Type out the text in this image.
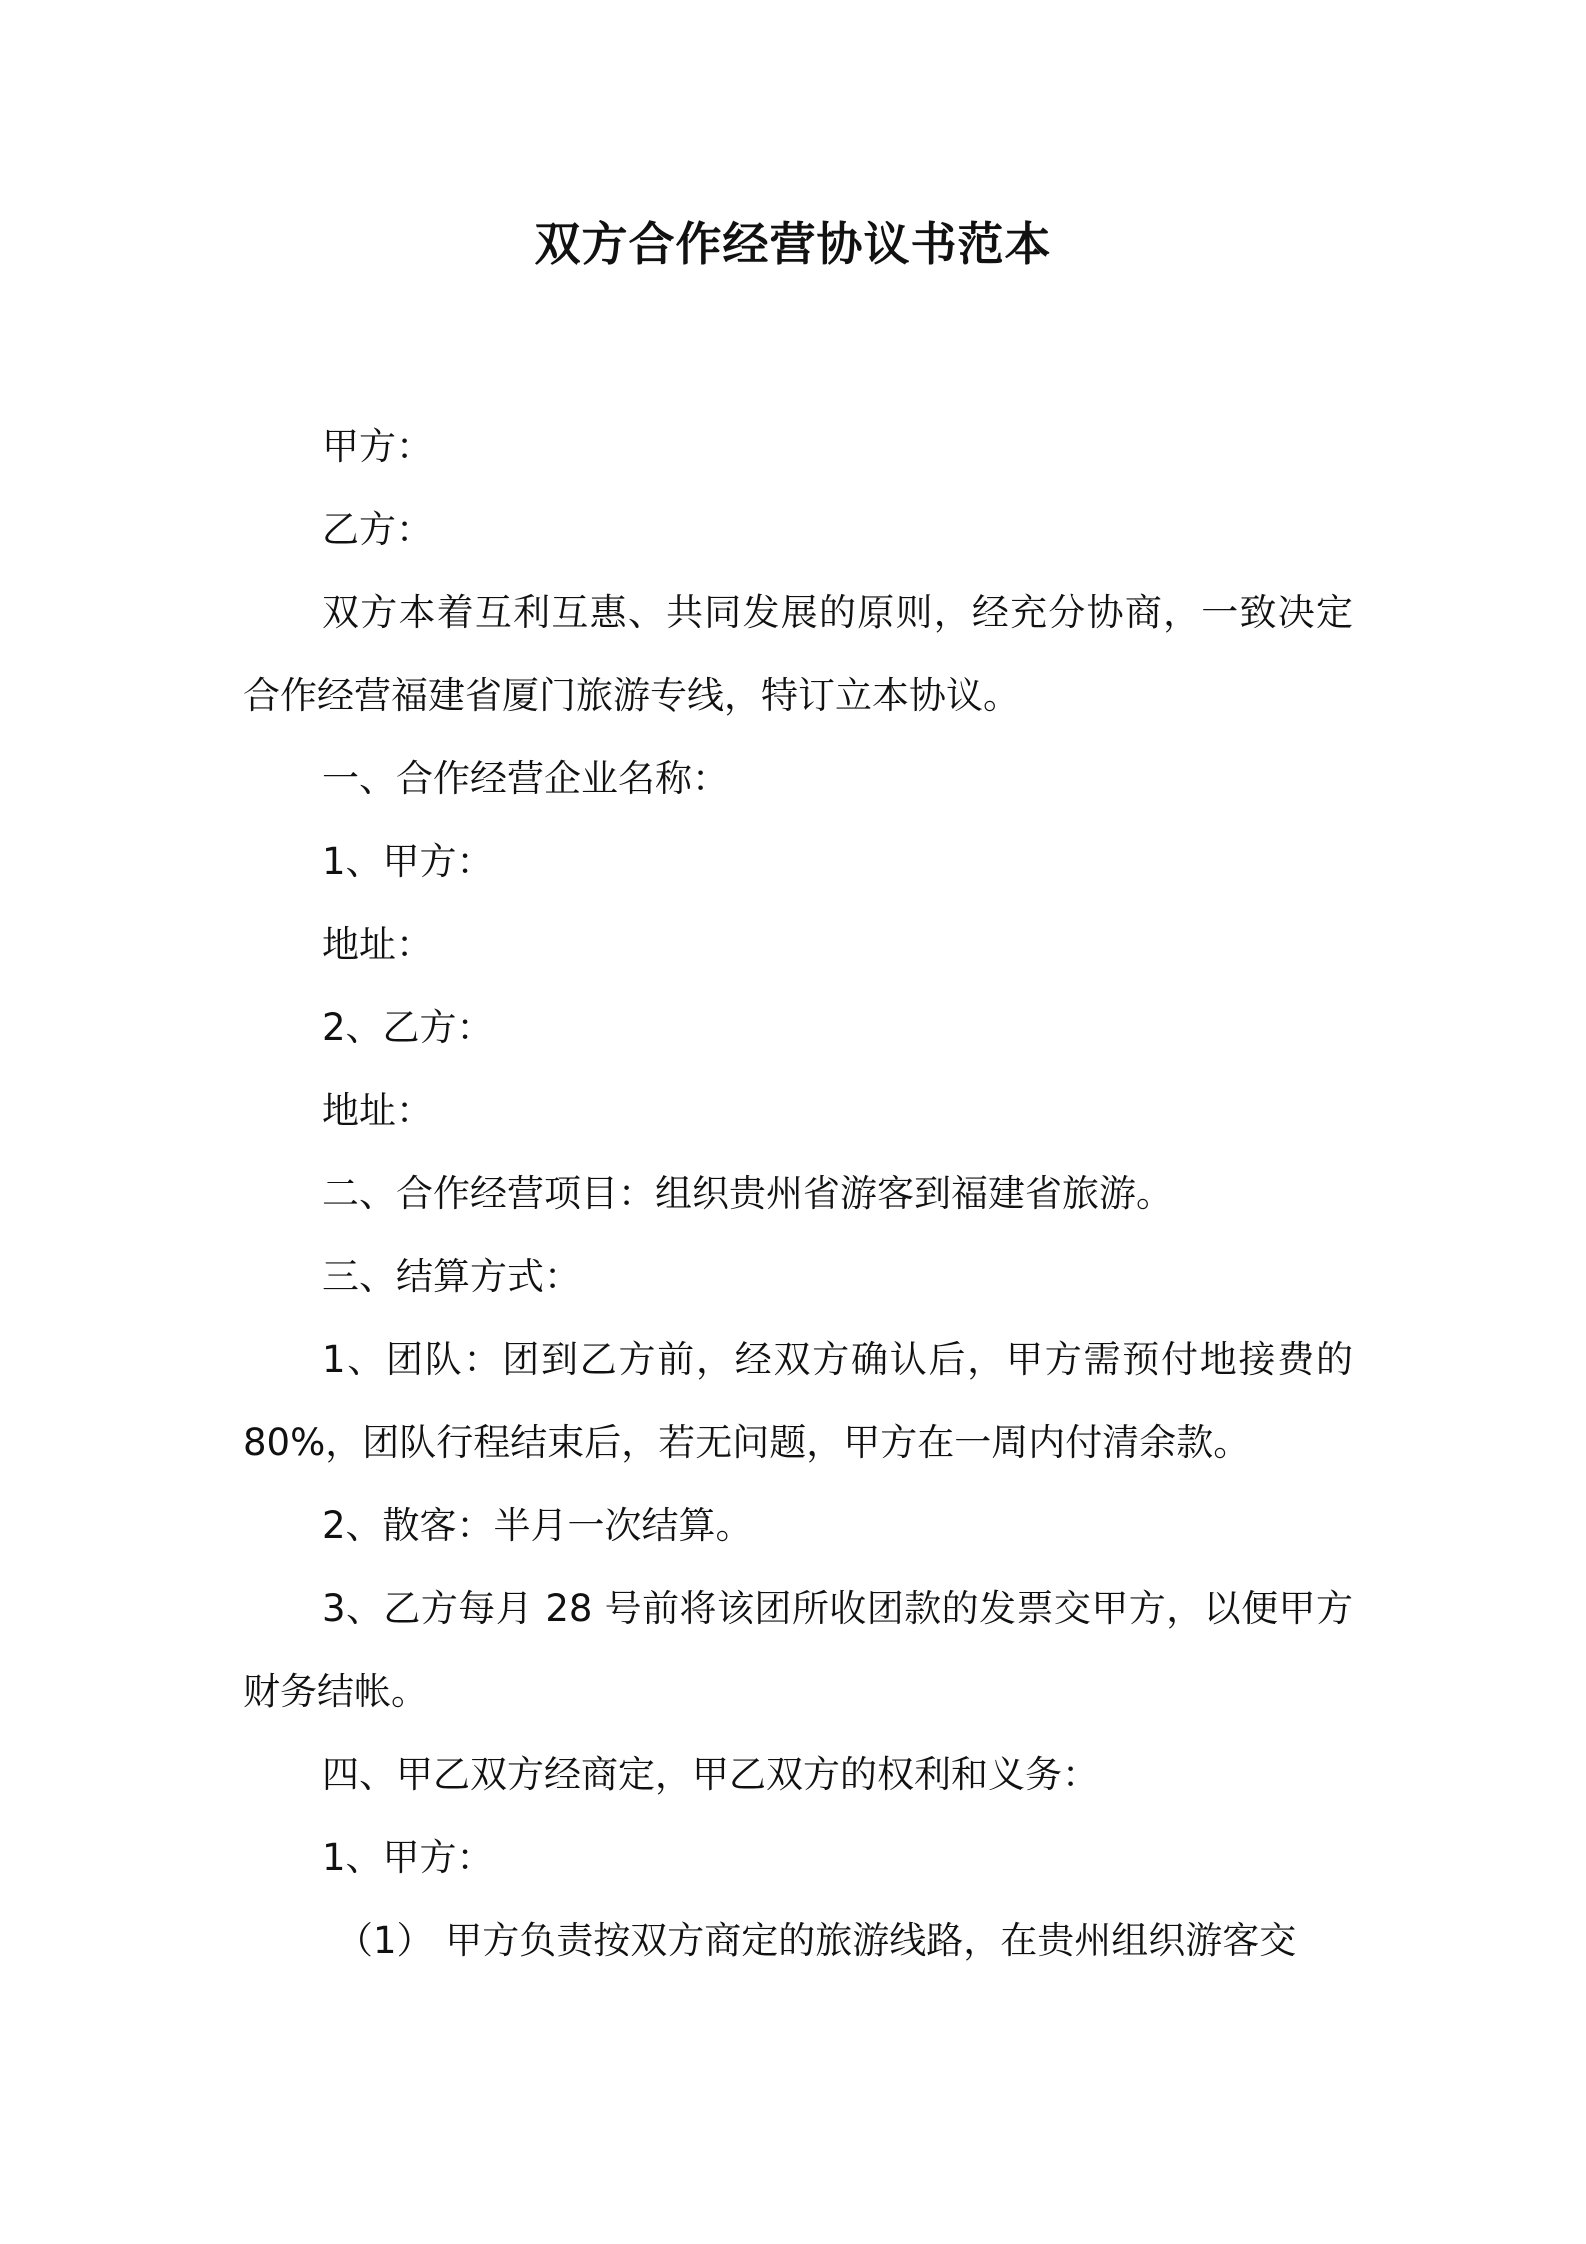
双方合作经营协议书范本

甲方：

乙方：

双方本着互利互惠、共同发展的原则，经充分协商，一致决定合作经营福建省厦门旅游专线，特订立本协议。

一、合作经营企业名称：

1、甲方：

地址：

2、乙方：

地址：

二、合作经营项目：组织贵州省游客到福建省旅游。

三、结算方式：

1、团队：团到乙方前，经双方确认后，甲方需预付地接费的 80%，团队行程结束后，若无问题，甲方在一周内付清余款。

2、散客：半月一次结算。

3、乙方每月 28 号前将该团所收团款的发票交甲方，以便甲方财务结帐。

四、甲乙双方经商定，甲乙双方的权利和义务：

1、甲方：

（1） 甲方负责按双方商定的旅游线路，在贵州组织游客交
